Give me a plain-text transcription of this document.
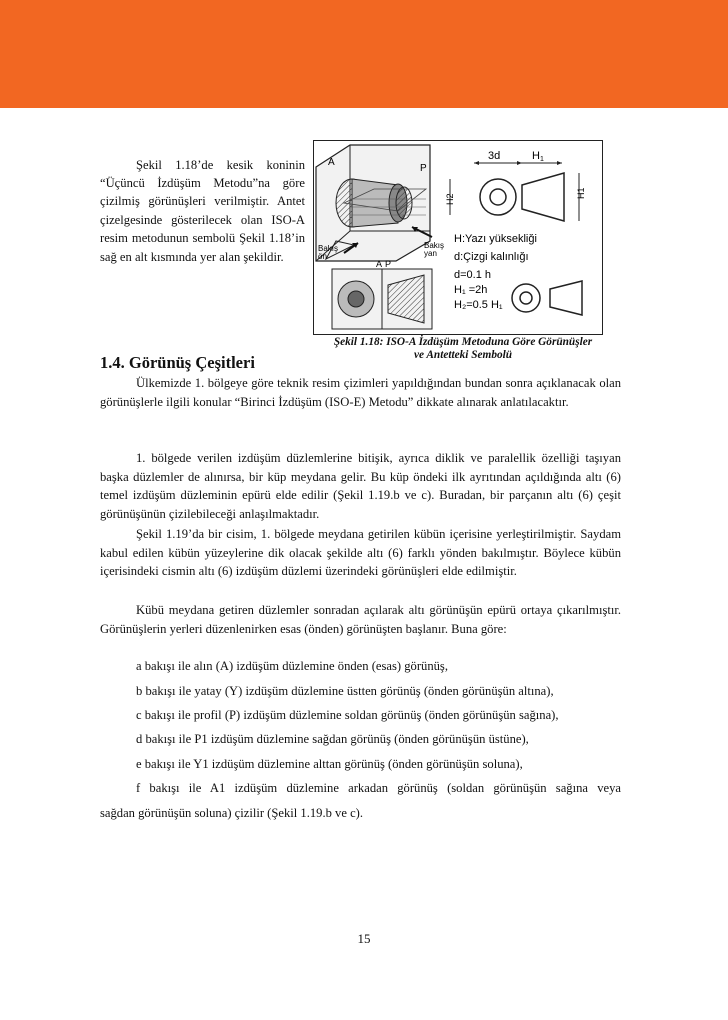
Şekil 1.18’de kesik koninin “Üçüncü İzdüşüm Metodu”na göre çizilmiş görünüşleri verilmiştir. Antet çizelgesinde gösterilecek olan ISO-A resim metodunun sembolü Şekil 1.18’in sağ en alt kısmında yer alan şekildir.

A
P
Bakış
ön
Bakış
yan
3d	H1
H2
H1
H:Yazı yüksekliği
d:Çizgi kalınlığı
d=0.1 h
H₁ =2h
H₂=0.5 H₁
A P
Şekil 1.18: ISO-A İzdüşüm Metoduna Göre Görünüşler
ve Antetteki Sembolü
1.4. Görünüş Çeşitleri

Ülkemizde 1. bölgeye göre teknik resim çizimleri yapıldığından bundan sonra açıklanacak olan görünüşlerle ilgili konular “Birinci İzdüşüm (ISO-E) Metodu” dikkate alınarak anlatılacaktır.

1. bölgede verilen izdüşüm düzlemlerine bitişik, ayrıca diklik ve paralellik özelliği taşıyan başka düzlemler de alınırsa, bir küp meydana gelir. Bu küp öndeki ilk ayrıtından açıldığında altı (6) temel izdüşüm düzleminin epürü elde edilir (Şekil 1.19.b ve c). Buradan, bir parçanın altı (6) çeşit görünüşünün çizilebileceği anlaşılmaktadır.

Şekil 1.19’da bir cisim, 1. bölgede meydana getirilen kübün içerisine yerleştirilmiştir. Saydam kabul edilen kübün yüzeylerine dik olacak şekilde altı (6) farklı yönden bakılmıştır. Böylece kübün içerisindeki cismin altı (6) izdüşüm düzlemi üzerindeki görünüşleri elde edilmiştir.

Kübü meydana getiren düzlemler sonradan açılarak altı görünüşün epürü ortaya çıkarılmıştır. Görünüşlerin yerleri düzenlenirken esas (önden) görünüşten başlanır. Buna göre:

a bakışı ile alın (A) izdüşüm düzlemine önden (esas) görünüş,

b bakışı ile yatay (Y) izdüşüm düzlemine üstten görünüş (önden görünüşün altına),

c bakışı ile profil (P) izdüşüm düzlemine soldan görünüş (önden görünüşün sağına),

d bakışı ile P1 izdüşüm düzlemine sağdan görünüş (önden görünüşün üstüne),

e bakışı ile Y1 izdüşüm düzlemine alttan görünüş (önden görünüşün soluna),

f bakışı ile A1 izdüşüm düzlemine arkadan görünüş (soldan görünüşün sağına veya

sağdan görünüşün soluna) çizilir (Şekil 1.19.b ve c).

15
